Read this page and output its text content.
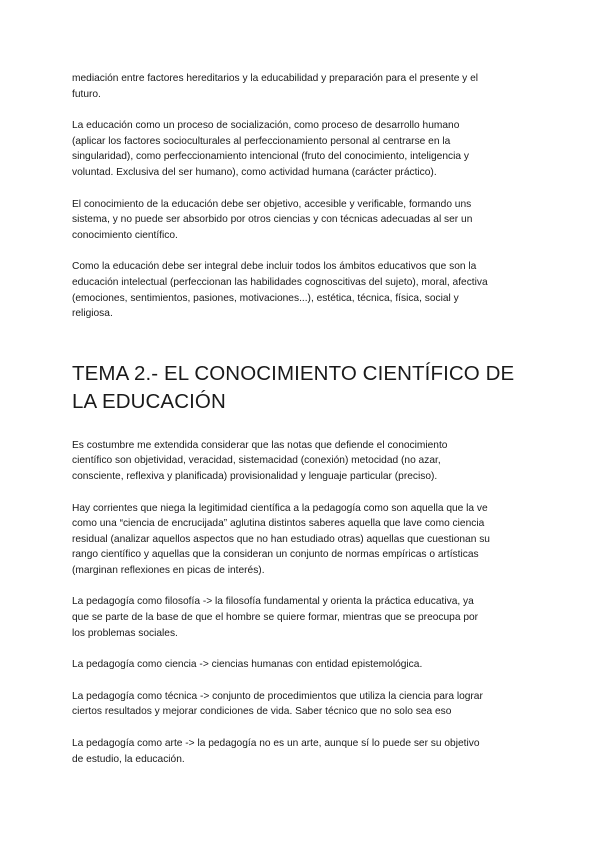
mediación entre factores hereditarios y la educabilidad y preparación para el presente y el
futuro.

La educación como un proceso de socialización, como proceso de desarrollo humano
(aplicar los factores socioculturales al perfeccionamiento personal al centrarse en la
singularidad), como perfeccionamiento intencional (fruto del conocimiento, inteligencia y
voluntad. Exclusiva del ser humano), como actividad humana (carácter práctico).

El conocimiento de la educación debe ser objetivo, accesible y verificable, formando uns
sistema, y no puede ser absorbido por otros ciencias y con técnicas adecuadas al ser un
conocimiento científico.

Como la educación debe ser integral debe incluir todos los ámbitos educativos que son la
educación intelectual (perfeccionan las habilidades cognoscitivas del sujeto), moral, afectiva
(emociones, sentimientos, pasiones, motivaciones...), estética, técnica, física, social y
religiosa.

TEMA 2.- EL CONOCIMIENTO CIENTÍFICO DE
LA EDUCACIÓN

Es costumbre me extendida considerar que las notas que defiende el conocimiento
científico son objetividad, veracidad, sistemacidad (conexión) metocidad (no azar,
consciente, reflexiva y planificada) provisionalidad y lenguaje particular (preciso).

Hay corrientes que niega la legitimidad científica a la pedagogía como son aquella que la ve
como una “ciencia de encrucijada” aglutina distintos saberes aquella que lave como ciencia
residual (analizar aquellos aspectos que no han estudiado otras) aquellas que cuestionan su
rango científico y aquellas que la consideran un conjunto de normas empíricas o artísticas
(marginan reflexiones en picas de interés).

La pedagogía como filosofía -> la filosofía fundamental y orienta la práctica educativa, ya
que se parte de la base de que el hombre se quiere formar, mientras que se preocupa por
los problemas sociales.

La pedagogía como ciencia -> ciencias humanas con entidad epistemológica.

La pedagogía como técnica -> conjunto de procedimientos que utiliza la ciencia para lograr
ciertos resultados y mejorar condiciones de vida. Saber técnico que no solo sea eso

La pedagogía como arte -> la pedagogía no es un arte, aunque sí lo puede ser su objetivo
de estudio, la educación.
